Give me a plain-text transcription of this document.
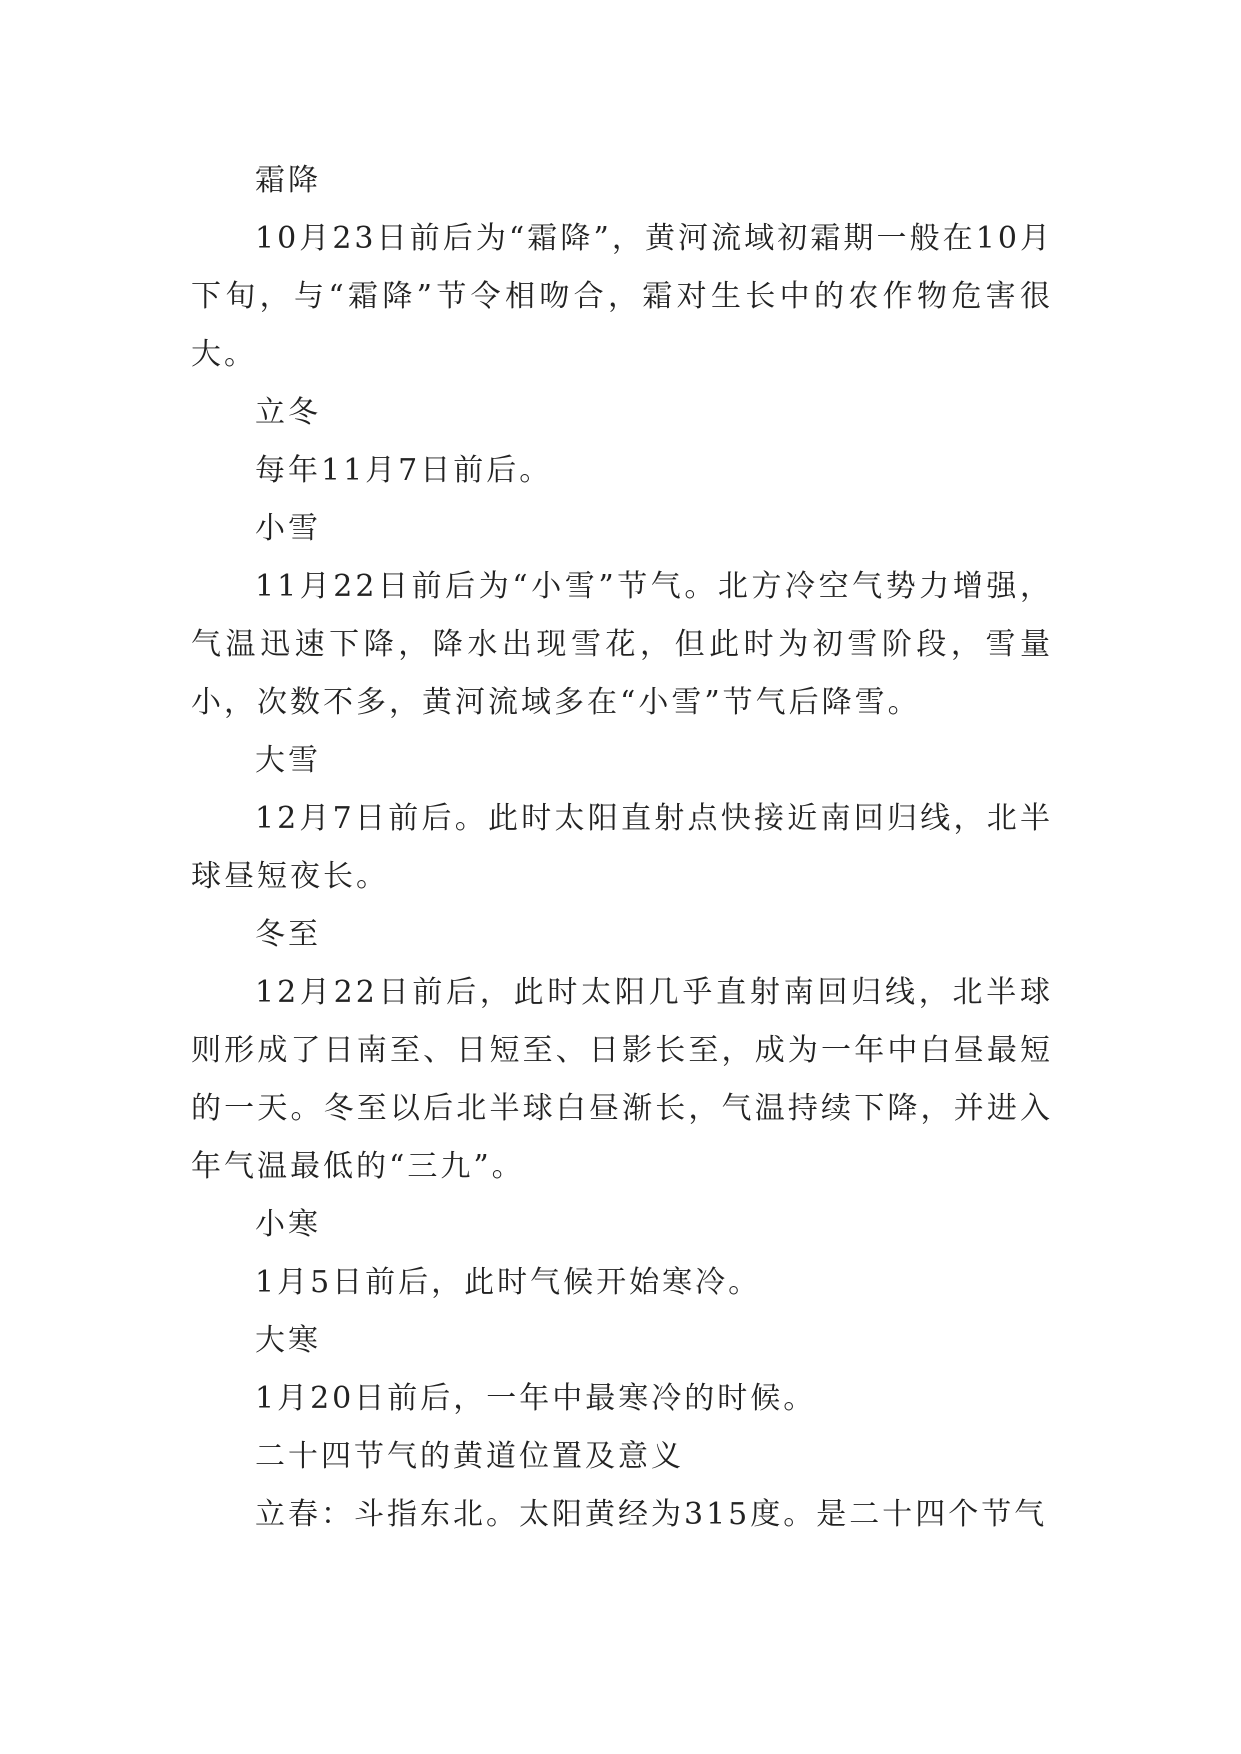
霜降

10月23日前后为“霜降”，黄河流域初霜期一般在10月下旬，与“霜降”节令相吻合，霜对生长中的农作物危害很大。

立冬

每年11月7日前后。

小雪

11月22日前后为“小雪”节气。北方冷空气势力增强，气温迅速下降，降水出现雪花，但此时为初雪阶段，雪量小，次数不多，黄河流域多在“小雪”节气后降雪。

大雪

12月7日前后。此时太阳直射点快接近南回归线，北半球昼短夜长。

冬至

12月22日前后，此时太阳几乎直射南回归线，北半球则形成了日南至、日短至、日影长至，成为一年中白昼最短的一天。冬至以后北半球白昼渐长，气温持续下降，并进入年气温最低的“三九”。

小寒

1月5日前后，此时气候开始寒冷。

大寒

1月20日前后，一年中最寒冷的时候。

二十四节气的黄道位置及意义

立春：斗指东北。太阳黄经为315度。是二十四个节气
